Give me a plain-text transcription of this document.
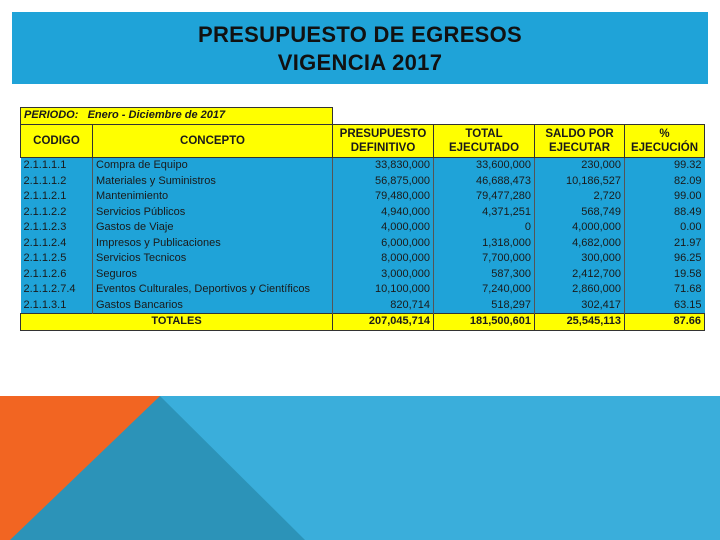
PRESUPUESTO DE EGRESOS
VIGENCIA 2017
PERIODO: Enero - Diciembre de 2017					
CODIGO	CONCEPTO	PRESUPUESTO DEFINITIVO	TOTAL EJECUTADO	SALDO POR EJECUTAR	% EJECUCIÓN
2.1.1.1.1	Compra de Equipo	33,830,000	33,600,000	230,000	99.32
2.1.1.1.2	Materiales y Suministros	56,875,000	46,688,473	10,186,527	82.09
2.1.1.2.1	Mantenimiento	79,480,000	79,477,280	2,720	99.00
2.1.1.2.2	Servicios Públicos	4,940,000	4,371,251	568,749	88.49
2.1.1.2.3	Gastos de Viaje	4,000,000	0	4,000,000	0.00
2.1.1.2.4	Impresos y Publicaciones	6,000,000	1,318,000	4,682,000	21.97
2.1.1.2.5	Servicios Tecnicos	8,000,000	7,700,000	300,000	96.25
2.1.1.2.6	Seguros	3,000,000	587,300	2,412,700	19.58
2.1.1.2.7.4	Eventos Culturales, Deportivos y Científicos	10,100,000	7,240,000	2,860,000	71.68
2.1.1.3.1	Gastos Bancarios	820,714	518,297	302,417	63.15
TOTALES		207,045,714	181,500,601	25,545,113	87.66
